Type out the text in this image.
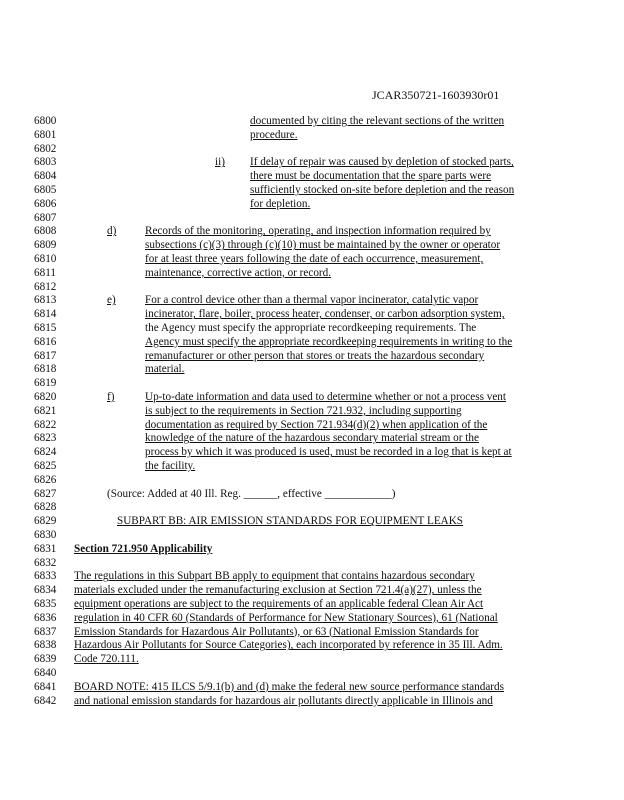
JCAR350721-1603930r01
6800	documented by citing the relevant sections of the written
6801	procedure.
6802
6803	ii) If delay of repair was caused by depletion of stocked parts,
6804	there must be documentation that the spare parts were
6805	sufficiently stocked on-site before depletion and the reason
6806	for depletion.
6807
6808	d)	Records of the monitoring, operating, and inspection information required by
6809	subsections (c)(3) through (c)(10) must be maintained by the owner or operator
6810	for at least three years following the date of each occurrence, measurement,
6811	maintenance, corrective action, or record.
6812
6813	e)	For a control device other than a thermal vapor incinerator, catalytic vapor
6814	incinerator, flare, boiler, process heater, condenser, or carbon adsorption system,
6815	the Agency must specify the appropriate recordkeeping requirements. The
6816	Agency must specify the appropriate recordkeeping requirements in writing to the
6817	remanufacturer or other person that stores or treats the hazardous secondary
6818	material.
6819
6820	f)	Up-to-date information and data used to determine whether or not a process vent
6821	is subject to the requirements in Section 721.932, including supporting
6822	documentation as required by Section 721.934(d)(2) when application of the
6823	knowledge of the nature of the hazardous secondary material stream or the
6824	process by which it was produced is used, must be recorded in a log that is kept at
6825	the facility.
6826
6827	(Source: Added at 40 Ill. Reg. ______, effective ____________)
6828
6829	SUBPART BB: AIR EMISSION STANDARDS FOR EQUIPMENT LEAKS
6830
6831 Section 721.950 Applicability
6832
6833 The regulations in this Subpart BB apply to equipment that contains hazardous secondary
6834 materials excluded under the remanufacturing exclusion at Section 721.4(a)(27), unless the
6835 equipment operations are subject to the requirements of an applicable federal Clean Air Act
6836 regulation in 40 CFR 60 (Standards of Performance for New Stationary Sources), 61 (National
6837 Emission Standards for Hazardous Air Pollutants), or 63 (National Emission Standards for
6838 Hazardous Air Pollutants for Source Categories), each incorporated by reference in 35 Ill. Adm.
6839 Code 720.111.
6840
6841 BOARD NOTE: 415 ILCS 5/9.1(b) and (d) make the federal new source performance standards
6842 and national emission standards for hazardous air pollutants directly applicable in Illinois and
